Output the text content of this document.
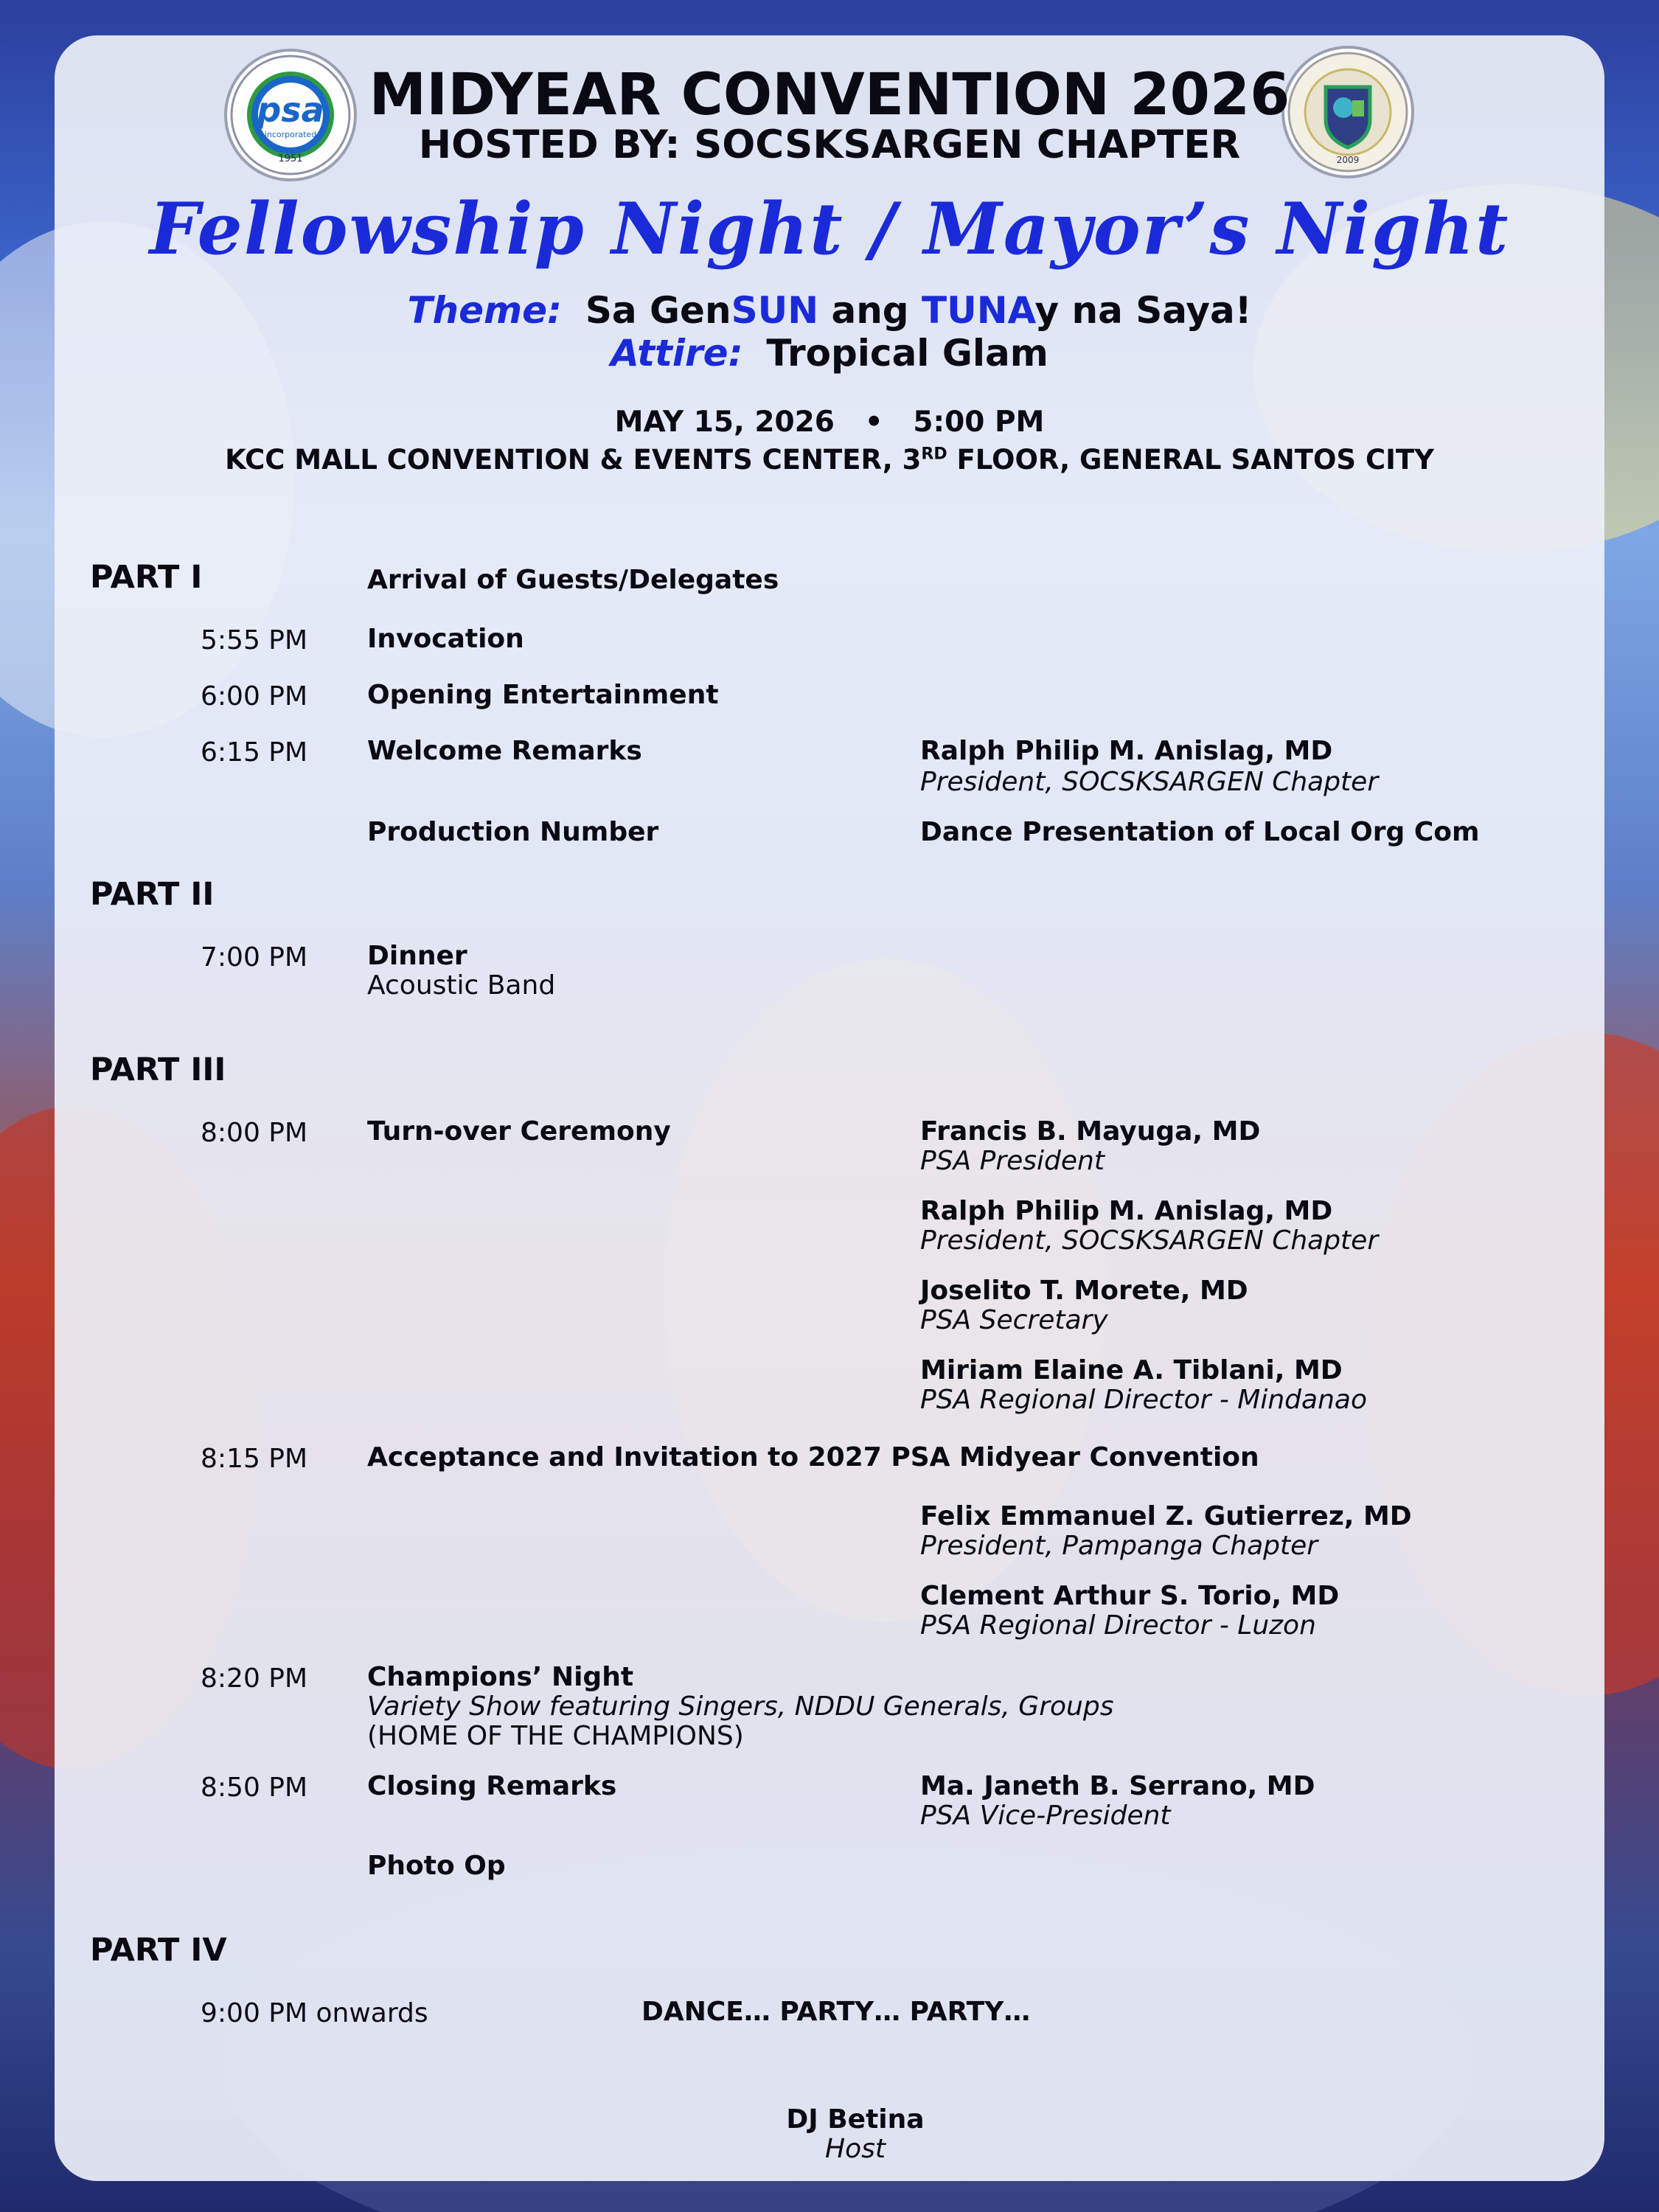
psa
incorporated
1951	2009
MIDYEAR CONVENTION 2026
HOSTED BY: SOCSKSARGEN CHAPTER
Fellowship Night / Mayor’s Night
Theme: Sa GenSUN ang TUNAy na Saya!
Attire: Tropical Glam
MAY 15, 2026 • 5:00 PM
KCC MALL CONVENTION & EVENTS CENTER, 3RD FLOOR, GENERAL SANTOS CITY
PART I	Arrival of Guests/Delegates
5:55 PM Invocation
6:00 PM Opening Entertainment
6:15 PM Welcome Remarks	Ralph Philip M. Anislag, MD
President, SOCSKSARGEN Chapter
Production Number	Dance Presentation of Local Org Com
PART II
7:00 PM Dinner
Acoustic Band
PART III
8:00 PM Turn-over Ceremony	Francis B. Mayuga, MD
PSA President
Ralph Philip M. Anislag, MD
President, SOCSKSARGEN Chapter
Joselito T. Morete, MD
PSA Secretary
Miriam Elaine A. Tiblani, MD
PSA Regional Director - Mindanao
8:15 PM Acceptance and Invitation to 2027 PSA Midyear Convention
Felix Emmanuel Z. Gutierrez, MD
President, Pampanga Chapter
Clement Arthur S. Torio, MD
PSA Regional Director - Luzon
8:20 PM Champions’ Night
Variety Show featuring Singers, NDDU Generals, Groups
(HOME OF THE CHAMPIONS)
8:50 PM Closing Remarks	Ma. Janeth B. Serrano, MD
PSA Vice-President
Photo Op
PART IV
9:00 PM onwards	DANCE… PARTY… PARTY…
DJ Betina
Host
